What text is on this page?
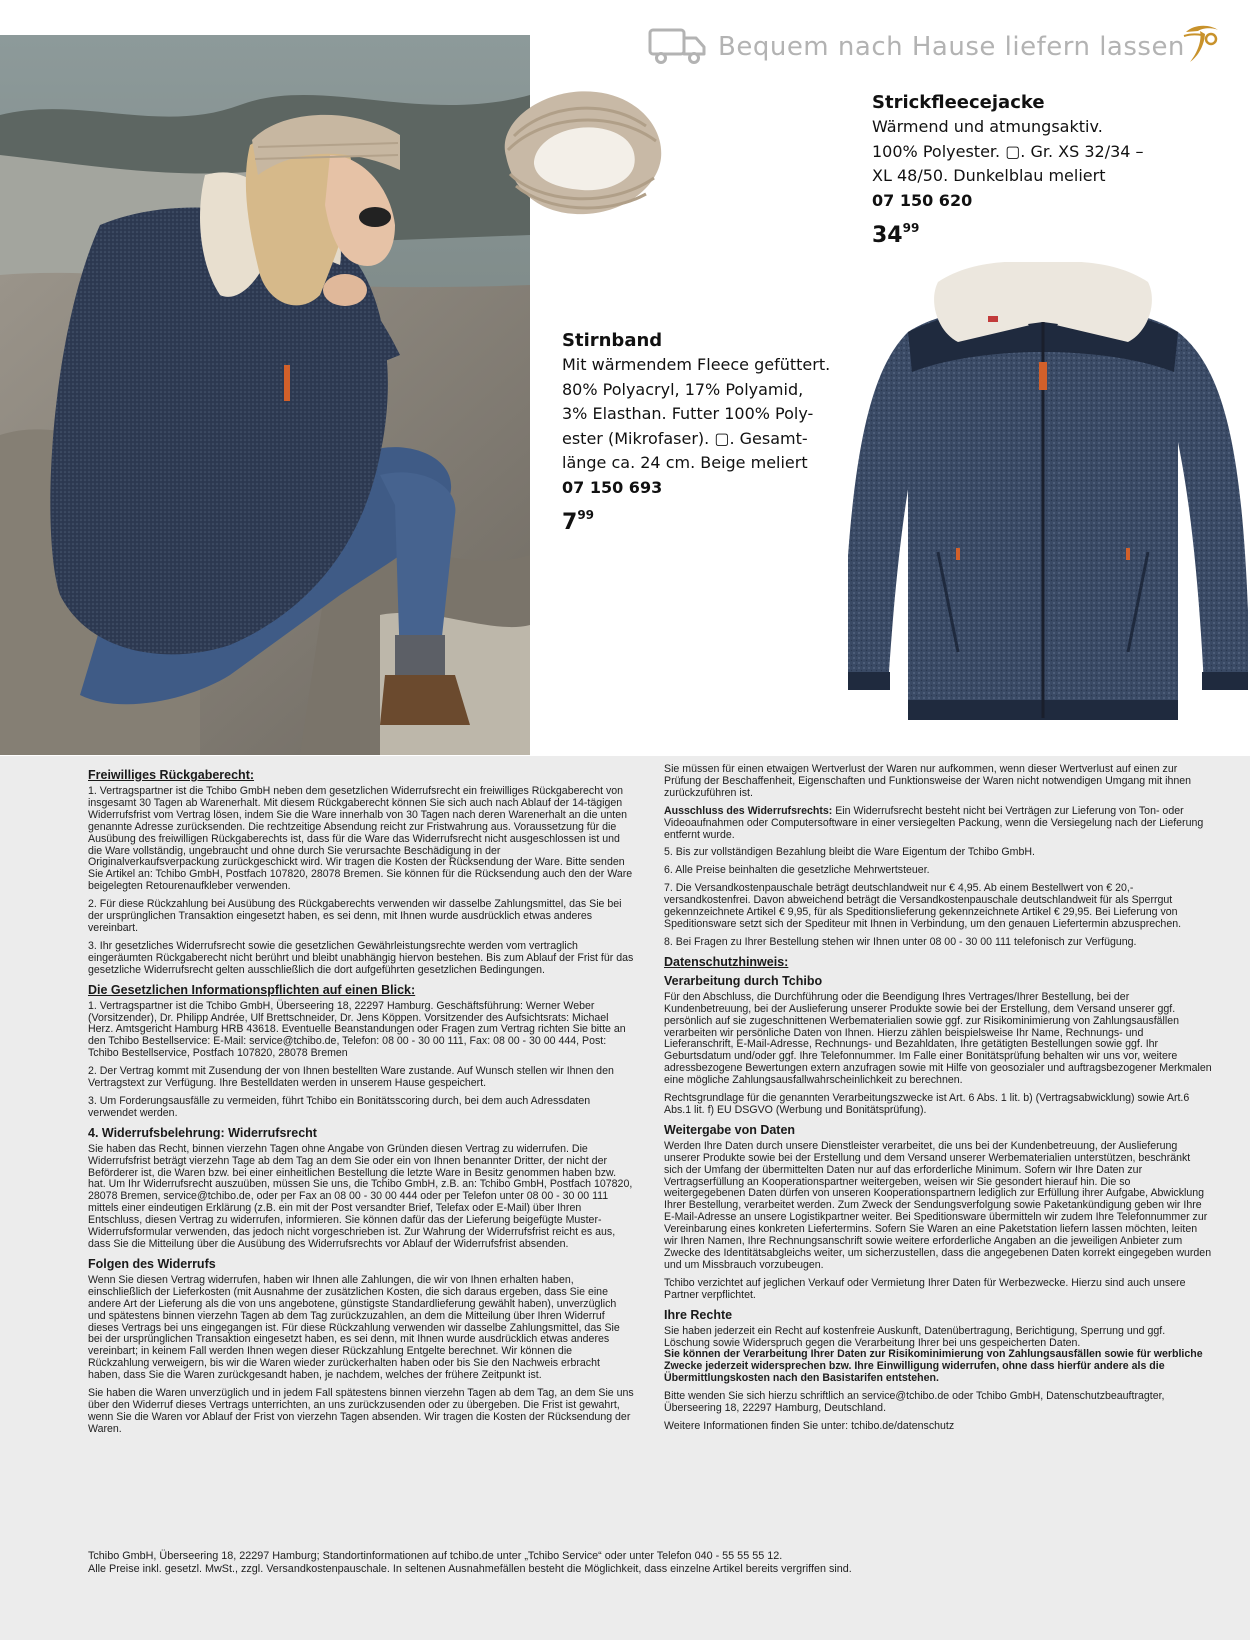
Bequem nach Hause liefern lassen
Strickfleecejacke

Wärmend und atmungsaktiv.
100% Polyester. ▢. Gr. XS 32/34 –
XL 48/50. Dunkelblau meliert
07 150 620

$34^{99}$
Stirnband

Mit wärmendem Fleece gefüttert.
80% Polyacryl, 17% Polyamid,
3% Elasthan. Futter 100% Poly-
ester (Mikrofaser). ▢. Gesamt-
länge ca. 24 cm. Beige meliert
07 150 693

$7^{99}$
Freiwilliges Rückgaberecht:

1. Vertragspartner ist die Tchibo GmbH neben dem gesetzlichen Widerrufsrecht ein freiwilliges Rückgaberecht von insgesamt 30 Tagen ab Warenerhalt. Mit diesem Rückgaberecht können Sie sich auch nach Ablauf der 14-tägigen Widerrufsfrist vom Vertrag lösen, indem Sie die Ware innerhalb von 30 Tagen nach deren Warenerhalt an die unten genannte Adresse zurücksenden. Die rechtzeitige Absendung reicht zur Fristwahrung aus. Voraussetzung für die Ausübung des freiwilligen Rückgaberechts ist, dass für die Ware das Widerrufsrecht nicht ausgeschlossen ist und die Ware vollständig, ungebraucht und ohne durch Sie verursachte Beschädigung in der Originalverkaufsverpackung zurückgeschickt wird. Wir tragen die Kosten der Rücksendung der Ware. Bitte senden Sie Artikel an: Tchibo GmbH, Postfach 107820, 28078 Bremen. Sie können für die Rücksendung auch den der Ware beigelegten Retourenaufkleber verwenden.

2. Für diese Rückzahlung bei Ausübung des Rückgaberechts verwenden wir dasselbe Zahlungsmittel, das Sie bei der ursprünglichen Transaktion eingesetzt haben, es sei denn, mit Ihnen wurde ausdrücklich etwas anderes vereinbart.

3. Ihr gesetzliches Widerrufsrecht sowie die gesetzlichen Gewährleistungsrechte werden vom vertraglich eingeräumten Rückgaberecht nicht berührt und bleibt unabhängig hiervon bestehen. Bis zum Ablauf der Frist für das gesetzliche Widerrufsrecht gelten ausschließlich die dort aufgeführten gesetzlichen Bedingungen.

Die Gesetzlichen Informationspflichten auf einen Blick:

1. Vertragspartner ist die Tchibo GmbH, Überseering 18, 22297 Hamburg. Geschäftsführung: Werner Weber (Vorsitzender), Dr. Philipp Andrée, Ulf Brettschneider, Dr. Jens Köppen. Vorsitzender des Aufsichtsrats: Michael Herz. Amtsgericht Hamburg HRB 43618. Eventuelle Beanstandungen oder Fragen zum Vertrag richten Sie bitte an den Tchibo Bestellservice: E-Mail: service@tchibo.de, Telefon: 08 00 - 30 00 111, Fax: 08 00 - 30 00 444, Post: Tchibo Bestellservice, Postfach 107820, 28078 Bremen

2. Der Vertrag kommt mit Zusendung der von Ihnen bestellten Ware zustande. Auf Wunsch stellen wir Ihnen den Vertragstext zur Verfügung. Ihre Bestelldaten werden in unserem Hause gespeichert.

3. Um Forderungsausfälle zu vermeiden, führt Tchibo ein Bonitätsscoring durch, bei dem auch Adressdaten verwendet werden.

4. Widerrufsbelehrung: Widerrufsrecht

Sie haben das Recht, binnen vierzehn Tagen ohne Angabe von Gründen diesen Vertrag zu widerrufen. Die Widerrufsfrist beträgt vierzehn Tage ab dem Tag an dem Sie oder ein von Ihnen benannter Dritter, der nicht der Beförderer ist, die Waren bzw. bei einer einheitlichen Bestellung die letzte Ware in Besitz genommen haben bzw. hat. Um Ihr Widerrufsrecht auszuüben, müssen Sie uns, die Tchibo GmbH, z.B. an: Tchibo GmbH, Postfach 107820, 28078 Bremen, service@tchibo.de, oder per Fax an 08 00 - 30 00 444 oder per Telefon unter 08 00 - 30 00 111 mittels einer eindeutigen Erklärung (z.B. ein mit der Post versandter Brief, Telefax oder E-Mail) über Ihren Entschluss, diesen Vertrag zu widerrufen, informieren. Sie können dafür das der Lieferung beigefügte Muster-Widerrufsformular verwenden, das jedoch nicht vorgeschrieben ist. Zur Wahrung der Widerrufsfrist reicht es aus, dass Sie die Mitteilung über die Ausübung des Widerrufsrechts vor Ablauf der Widerrufsfrist absenden.

Folgen des Widerrufs

Wenn Sie diesen Vertrag widerrufen, haben wir Ihnen alle Zahlungen, die wir von Ihnen erhalten haben, einschließlich der Lieferkosten (mit Ausnahme der zusätzlichen Kosten, die sich daraus ergeben, dass Sie eine andere Art der Lieferung als die von uns angebotene, günstigste Standardlieferung gewählt haben), unverzüglich und spätestens binnen vierzehn Tagen ab dem Tag zurückzuzahlen, an dem die Mitteilung über Ihren Widerruf dieses Vertrags bei uns eingegangen ist. Für diese Rückzahlung verwenden wir dasselbe Zahlungsmittel, das Sie bei der ursprünglichen Transaktion eingesetzt haben, es sei denn, mit Ihnen wurde ausdrücklich etwas anderes vereinbart; in keinem Fall werden Ihnen wegen dieser Rückzahlung Entgelte berechnet. Wir können die Rückzahlung verweigern, bis wir die Waren wieder zurückerhalten haben oder bis Sie den Nachweis erbracht haben, dass Sie die Waren zurückgesandt haben, je nachdem, welches der frühere Zeitpunkt ist.

Sie haben die Waren unverzüglich und in jedem Fall spätestens binnen vierzehn Tagen ab dem Tag, an dem Sie uns über den Widerruf dieses Vertrags unterrichten, an uns zurückzusenden oder zu übergeben. Die Frist ist gewahrt, wenn Sie die Waren vor Ablauf der Frist von vierzehn Tagen absenden. Wir tragen die Kosten der Rücksendung der Waren.

Sie müssen für einen etwaigen Wertverlust der Waren nur aufkommen, wenn dieser Wertverlust auf einen zur Prüfung der Beschaffenheit, Eigenschaften und Funktionsweise der Waren nicht notwendigen Umgang mit ihnen zurückzuführen ist.

Ausschluss des Widerrufsrechts: Ein Widerrufsrecht besteht nicht bei Verträgen zur Lieferung von Ton- oder Videoaufnahmen oder Computersoftware in einer versiegelten Packung, wenn die Versiegelung nach der Lieferung entfernt wurde.

5. Bis zur vollständigen Bezahlung bleibt die Ware Eigentum der Tchibo GmbH.

6. Alle Preise beinhalten die gesetzliche Mehrwertsteuer.

7. Die Versandkostenpauschale beträgt deutschlandweit nur € 4,95. Ab einem Bestellwert von € 20,- versandkostenfrei. Davon abweichend beträgt die Versandkostenpauschale deutschlandweit für als Sperrgut gekennzeichnete Artikel € 9,95, für als Speditionslieferung gekennzeichnete Artikel € 29,95. Bei Lieferung von Speditionsware setzt sich der Spediteur mit Ihnen in Verbindung, um den genauen Liefertermin abzusprechen.

8. Bei Fragen zu Ihrer Bestellung stehen wir Ihnen unter 08 00 - 30 00 111 telefonisch zur Verfügung.

Datenschutzhinweis:
Verarbeitung durch Tchibo

Für den Abschluss, die Durchführung oder die Beendigung Ihres Vertrages/Ihrer Bestellung, bei der Kundenbetreuung, bei der Auslieferung unserer Produkte sowie bei der Erstellung, dem Versand unserer ggf. persönlich auf sie zugeschnittenen Werbematerialien sowie ggf. zur Risikominimierung von Zahlungsausfällen verarbeiten wir persönliche Daten von Ihnen. Hierzu zählen beispielsweise Ihr Name, Rechnungs- und Lieferanschrift, E-Mail-Adresse, Rechnungs- und Bezahldaten, Ihre getätigten Bestellungen sowie ggf. Ihr Geburtsdatum und/oder ggf. Ihre Telefonnummer. Im Falle einer Bonitätsprüfung behalten wir uns vor, weitere adressbezogene Bewertungen extern anzufragen sowie mit Hilfe von geosozialer und auftragsbezogener Merkmalen eine mögliche Zahlungsausfallwahrscheinlichkeit zu berechnen.

Rechtsgrundlage für die genannten Verarbeitungszwecke ist Art. 6 Abs. 1 lit. b) (Vertragsabwicklung) sowie Art.6 Abs.1 lit. f) EU DSGVO (Werbung und Bonitätsprüfung).

Weitergabe von Daten

Werden Ihre Daten durch unsere Dienstleister verarbeitet, die uns bei der Kundenbetreuung, der Auslieferung unserer Produkte sowie bei der Erstellung und dem Versand unserer Werbematerialien unterstützen, beschränkt sich der Umfang der übermittelten Daten nur auf das erforderliche Minimum. Sofern wir Ihre Daten zur Vertragserfüllung an Kooperationspartner weitergeben, weisen wir Sie gesondert hierauf hin. Die so weitergegebenen Daten dürfen von unseren Kooperationspartnern lediglich zur Erfüllung ihrer Aufgabe, Abwicklung Ihrer Bestellung, verarbeitet werden. Zum Zweck der Sendungsverfolgung sowie Paketankündigung geben wir Ihre E-Mail-Adresse an unsere Logistikpartner weiter. Bei Speditionsware übermitteln wir zudem Ihre Telefonnummer zur Vereinbarung eines konkreten Liefertermins. Sofern Sie Waren an eine Paketstation liefern lassen möchten, leiten wir Ihren Namen, Ihre Rechnungsanschrift sowie weitere erforderliche Angaben an die jeweiligen Anbieter zum Zwecke des Identitätsabgleichs weiter, um sicherzustellen, dass die angegebenen Daten korrekt eingegeben wurden und um Missbrauch vorzubeugen.

Tchibo verzichtet auf jeglichen Verkauf oder Vermietung Ihrer Daten für Werbezwecke. Hierzu sind auch unsere Partner verpflichtet.

Ihre Rechte

Sie haben jederzeit ein Recht auf kostenfreie Auskunft, Datenübertragung, Berichtigung, Sperrung und ggf. Löschung sowie Widerspruch gegen die Verarbeitung Ihrer bei uns gespeicherten Daten.
Sie können der Verarbeitung Ihrer Daten zur Risikominimierung von Zahlungsausfällen sowie für werbliche Zwecke jederzeit widersprechen bzw. Ihre Einwilligung widerrufen, ohne dass hierfür andere als die Übermittlungskosten nach den Basistarifen entstehen.

Bitte wenden Sie sich hierzu schriftlich an service@tchibo.de oder Tchibo GmbH, Datenschutzbeauftragter, Überseering 18, 22297 Hamburg, Deutschland.

Weitere Informationen finden Sie unter: tchibo.de/datenschutz

Tchibo GmbH, Überseering 18, 22297 Hamburg; Standortinformationen auf tchibo.de unter „Tchibo Service“ oder unter Telefon 040 - 55 55 55 12.
Alle Preise inkl. gesetzl. MwSt., zzgl. Versandkostenpauschale. In seltenen Ausnahmefällen besteht die Möglichkeit, dass einzelne Artikel bereits vergriffen sind.
